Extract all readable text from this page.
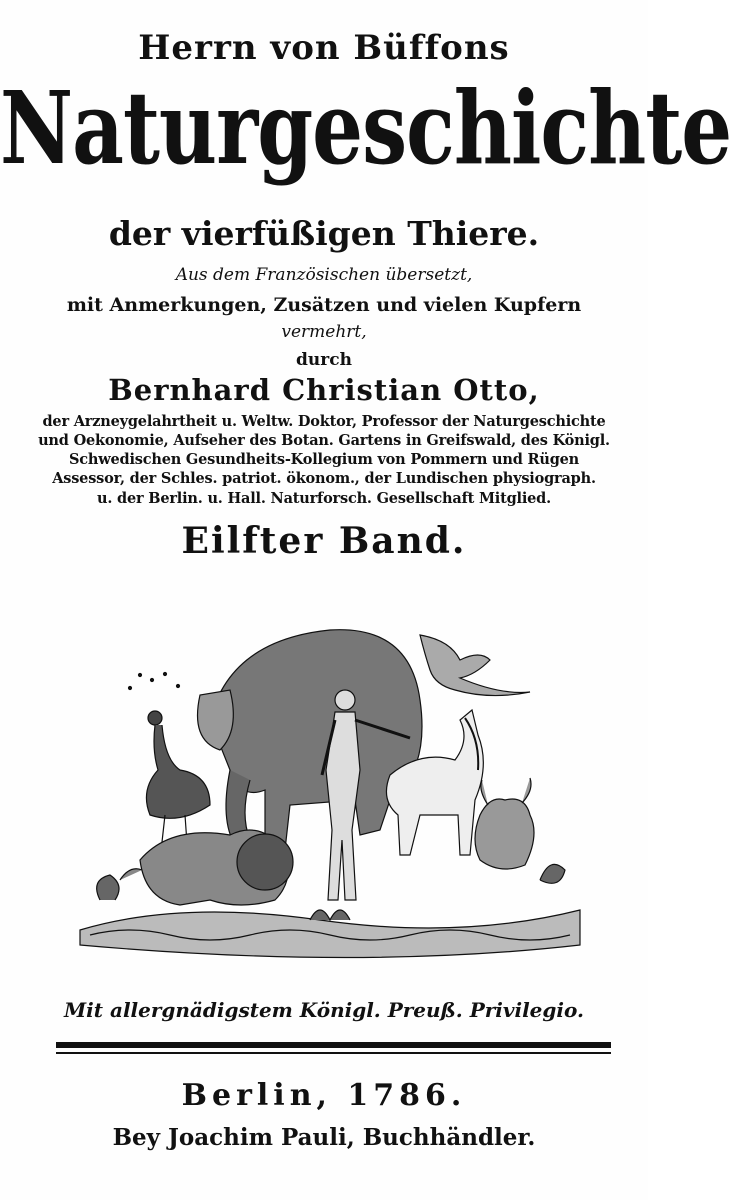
Herrn von Büffons
Naturgeschichte
der vierfüßigen Thiere.
Aus dem Französischen übersetzt,
mit Anmerkungen, Zusätzen und vielen Kupfern
vermehrt,
durch
Bernhard Christian Otto,
der Arzneygelahrtheit u. Weltw. Doktor, Professor der Naturgeschichte
und Oekonomie, Aufseher des Botan. Gartens in Greifswald, des Königl.
Schwedischen Gesundheits-Kollegium von Pommern und Rügen
Assessor, der Schles. patriot. ökonom., der Lundischen physiograph.
u. der Berlin. u. Hall. Naturforsch. Gesellschaft Mitglied.
Eilfter Band.
Mit allergnädigstem Königl. Preuß. Privilegio.
Berlin, 1786.
Bey Joachim Pauli, Buchhändler.
